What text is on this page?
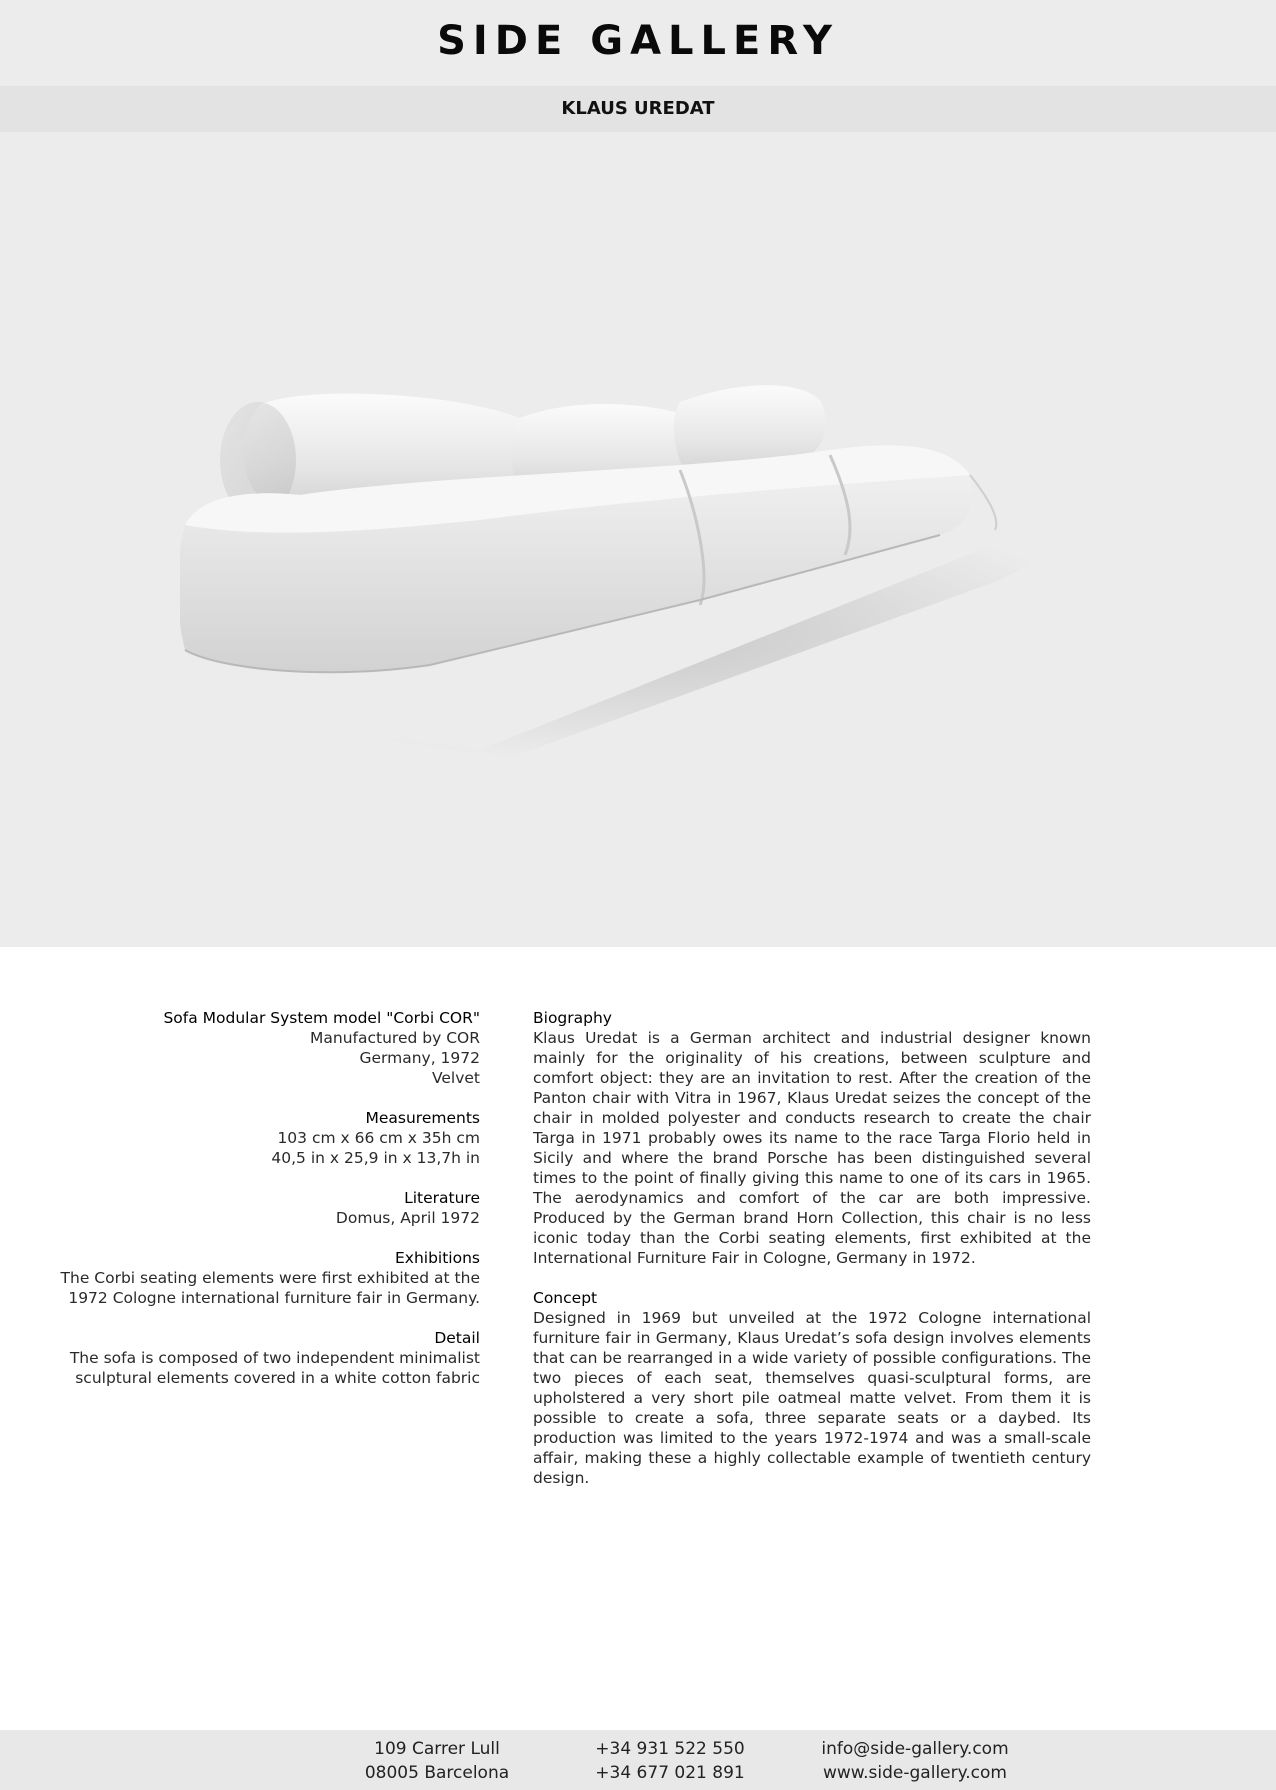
SIDE GALLERY
KLAUS UREDAT
Sofa Modular System model "Corbi COR"
Manufactured by COR
Germany, 1972
Velvet
Measurements
103 cm x 66 cm x 35h cm
40,5 in x 25,9 in x 13,7h in
Literature
Domus, April 1972
Exhibitions
The Corbi seating elements were first exhibited at the 1972 Cologne international furniture fair in Germany.
Detail
The sofa is composed of two independent minimalist sculptural elements covered in a white cotton fabric

Biography
Klaus Uredat is a German architect and industrial designer known mainly for the originality of his creations, between sculpture and comfort object: they are an invitation to rest. After the creation of the Panton chair with Vitra in 1967, Klaus Uredat seizes the concept of the chair in molded polyester and conducts research to create the chair Targa in 1971 probably owes its name to the race Targa Florio held in Sicily and where the brand Porsche has been distinguished several times to the point of finally giving this name to one of its cars in 1965. The aerodynamics and comfort of the car are both impressive. Produced by the German brand Horn Collection, this chair is no less iconic today than the Corbi seating elements, first exhibited at the International Furniture Fair in Cologne, Germany in 1972.

Concept
Designed in 1969 but unveiled at the 1972 Cologne international furniture fair in Germany, Klaus Uredat’s sofa design involves elements that can be rearranged in a wide variety of possible configurations. The two pieces of each seat, themselves quasi-sculptural forms, are upholstered a very short pile oatmeal matte velvet. From them it is possible to create a sofa, three separate seats or a daybed. Its production was limited to the years 1972-1974 and was a small-scale affair, making these a highly collectable example of twentieth century design.

109 Carrer Lull
08005 Barcelona
+34 931 522 550
+34 677 021 891
info@side-gallery.com
www.side-gallery.com
